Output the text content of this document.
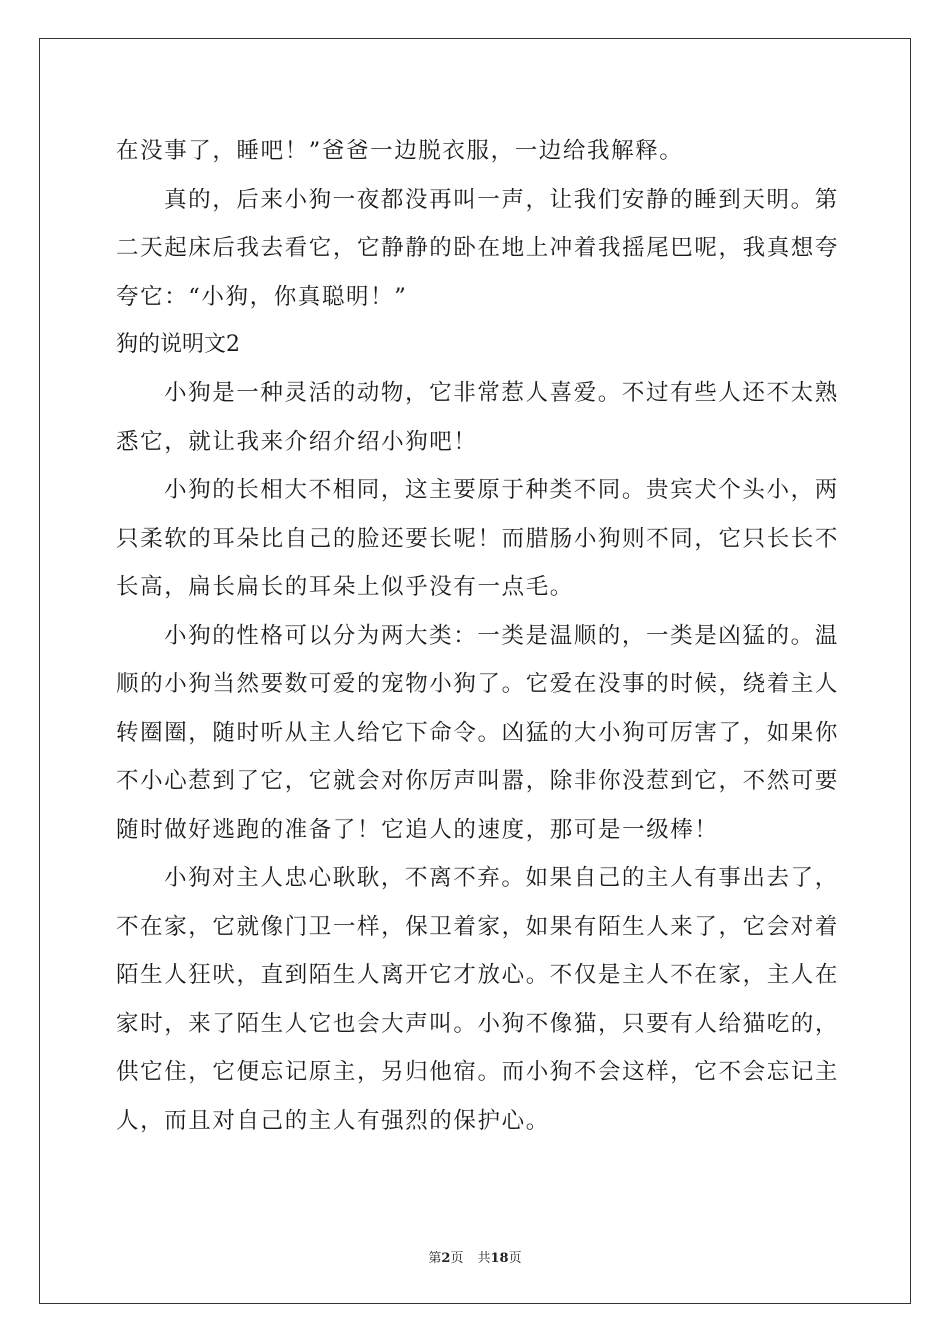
在没事了，睡吧！”爸爸一边脱衣服，一边给我解释。
真的，后来小狗一夜都没再叫一声，让我们安静的睡到天明。第
二天起床后我去看它，它静静的卧在地上冲着我摇尾巴呢，我真想夸
夸它：“小狗，你真聪明！”
狗的说明文2
小狗是一种灵活的动物，它非常惹人喜爱。不过有些人还不太熟
悉它，就让我来介绍介绍小狗吧！
小狗的长相大不相同，这主要原于种类不同。贵宾犬个头小，两
只柔软的耳朵比自己的脸还要长呢！而腊肠小狗则不同，它只长长不
长高，扁长扁长的耳朵上似乎没有一点毛。
小狗的性格可以分为两大类：一类是温顺的，一类是凶猛的。温
顺的小狗当然要数可爱的宠物小狗了。它爱在没事的时候，绕着主人
转圈圈，随时听从主人给它下命令。凶猛的大小狗可厉害了，如果你
不小心惹到了它，它就会对你厉声叫嚣，除非你没惹到它，不然可要
随时做好逃跑的准备了！它追人的速度，那可是一级棒！
小狗对主人忠心耿耿，不离不弃。如果自己的主人有事出去了，
不在家，它就像门卫一样，保卫着家，如果有陌生人来了，它会对着
陌生人狂吠，直到陌生人离开它才放心。不仅是主人不在家，主人在
家时，来了陌生人它也会大声叫。小狗不像猫，只要有人给猫吃的，
供它住，它便忘记原主，另归他宿。而小狗不会这样，它不会忘记主
人，而且对自己的主人有强烈的保护心。
第2页 共18页
